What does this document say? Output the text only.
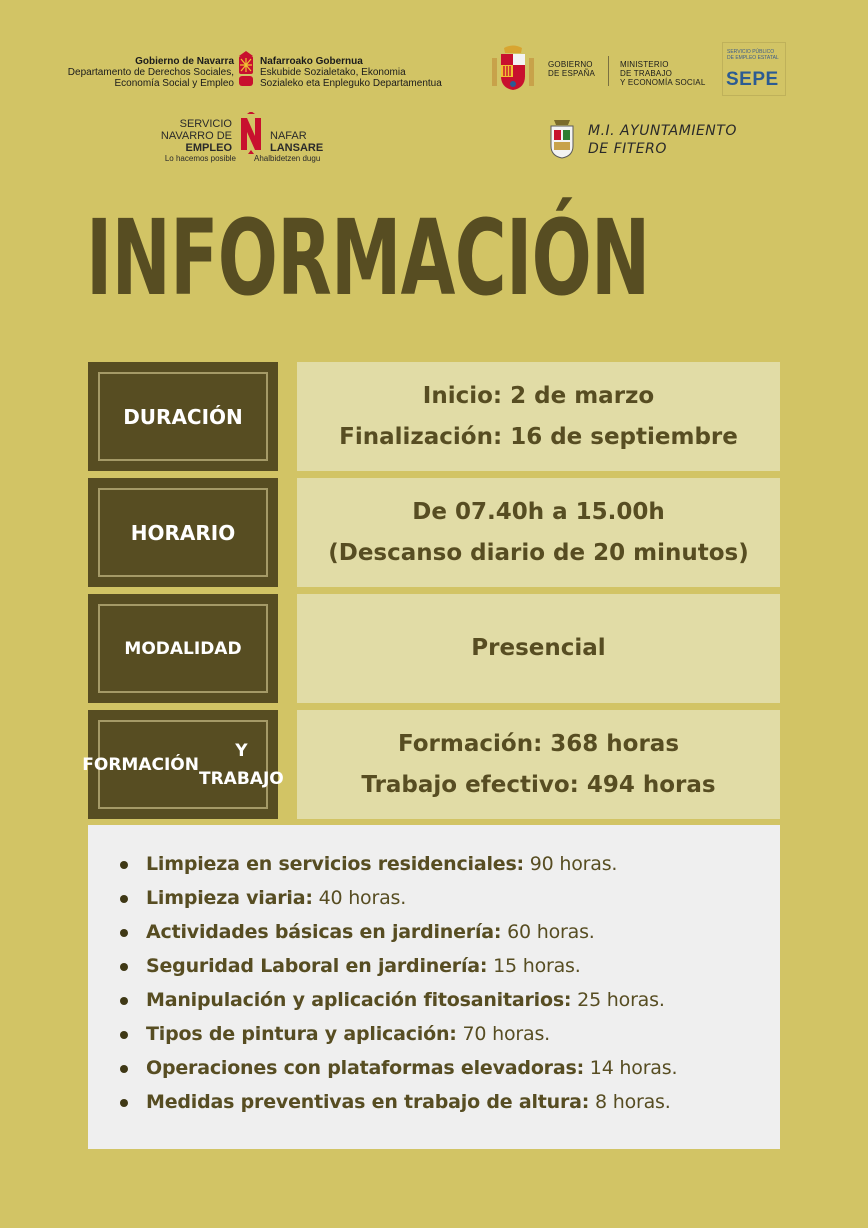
Gobierno de Navarra
Departamento de Derechos Sociales,
Economía Social y Empleo
Nafarroako Gobernua
Eskubide Sozialetako, Ekonomia
Sozialeko eta Enpleguko Departamentua
GOBIERNO
DE ESPAÑA
MINISTERIO
DE TRABAJO
Y ECONOMÍA SOCIAL
SERVICIO PÚBLICO
DE EMPLEO ESTATAL
SEPE
SERVICIO
NAVARRO DE
EMPLEO
NAFAR
LANSARE
Lo hacemos posible Ahalbidetzen dugu
M.I. AYUNTAMIENTO
DE FITERO
INFORMACIÓN
DURACIÓN
Inicio: 2 de marzo
Finalización: 16 de septiembre
HORARIO
De 07.40h a 15.00h
(Descanso diario de 20 minutos)
MODALIDAD	Presencial
FORMACIÓN

Y TRABAJO
Formación: 368 horas
Trabajo efectivo: 494 horas
Limpieza en servicios residenciales: 90 horas.
Limpieza viaria: 40 horas.
Actividades básicas en jardinería: 60 horas.
Seguridad Laboral en jardinería: 15 horas.
Manipulación y aplicación fitosanitarios: 25 horas.
Tipos de pintura y aplicación: 70 horas.
Operaciones con plataformas elevadoras: 14 horas.
Medidas preventivas en trabajo de altura: 8 horas.
